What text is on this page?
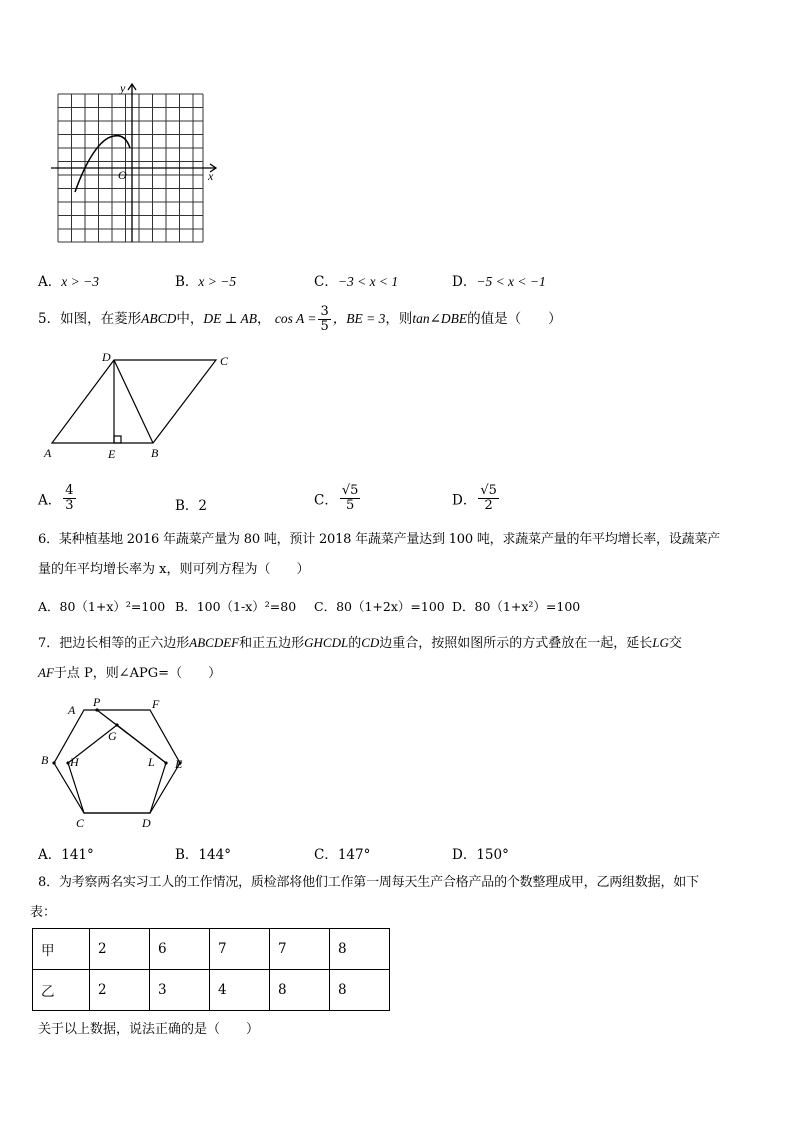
y
x
O
A．x > −3	B．x > −5	C．−3 < x < 1	D．−5 < x < −1
5．如图，在菱形ABCD中，DE ⊥ AB， $\cos A = \frac{3}{5}$ ，BE = 3，则tan∠DBE的值是（　　）
D	C
A	E	B
A． $\frac{4}{3}$	B．2	C． $\frac{√5}{5}$	D． $\frac{√5}{2}$
6．某种植基地 2016 年蔬菜产量为 80 吨，预计 2018 年蔬菜产量达到 100 吨，求蔬菜产量的年平均增长率，设蔬菜产
量的年平均增长率为 x，则可列方程为（　　）
A．80（1+x）²=100 B．100（1-x）²=80 C．80（1+2x）=100 D．80（1+x²）=100
7．把边长相等的正六边形ABCDEF和正五边形GHCDL的CD边重合，按照如图所示的方式叠放在一起，延长LG交
AF于点 P，则∠APG=（　　）
A
P	F
G
B H	L E
C	D
A．141°	B．144°	C．147°	D．150°
8．为考察两名实习工人的工作情况，质检部将他们工作第一周每天生产合格产品的个数整理成甲，乙两组数据，如下
表：
甲	2	6	7	7	8
乙	2	3	4	8	8
关于以上数据，说法正确的是（　　）
